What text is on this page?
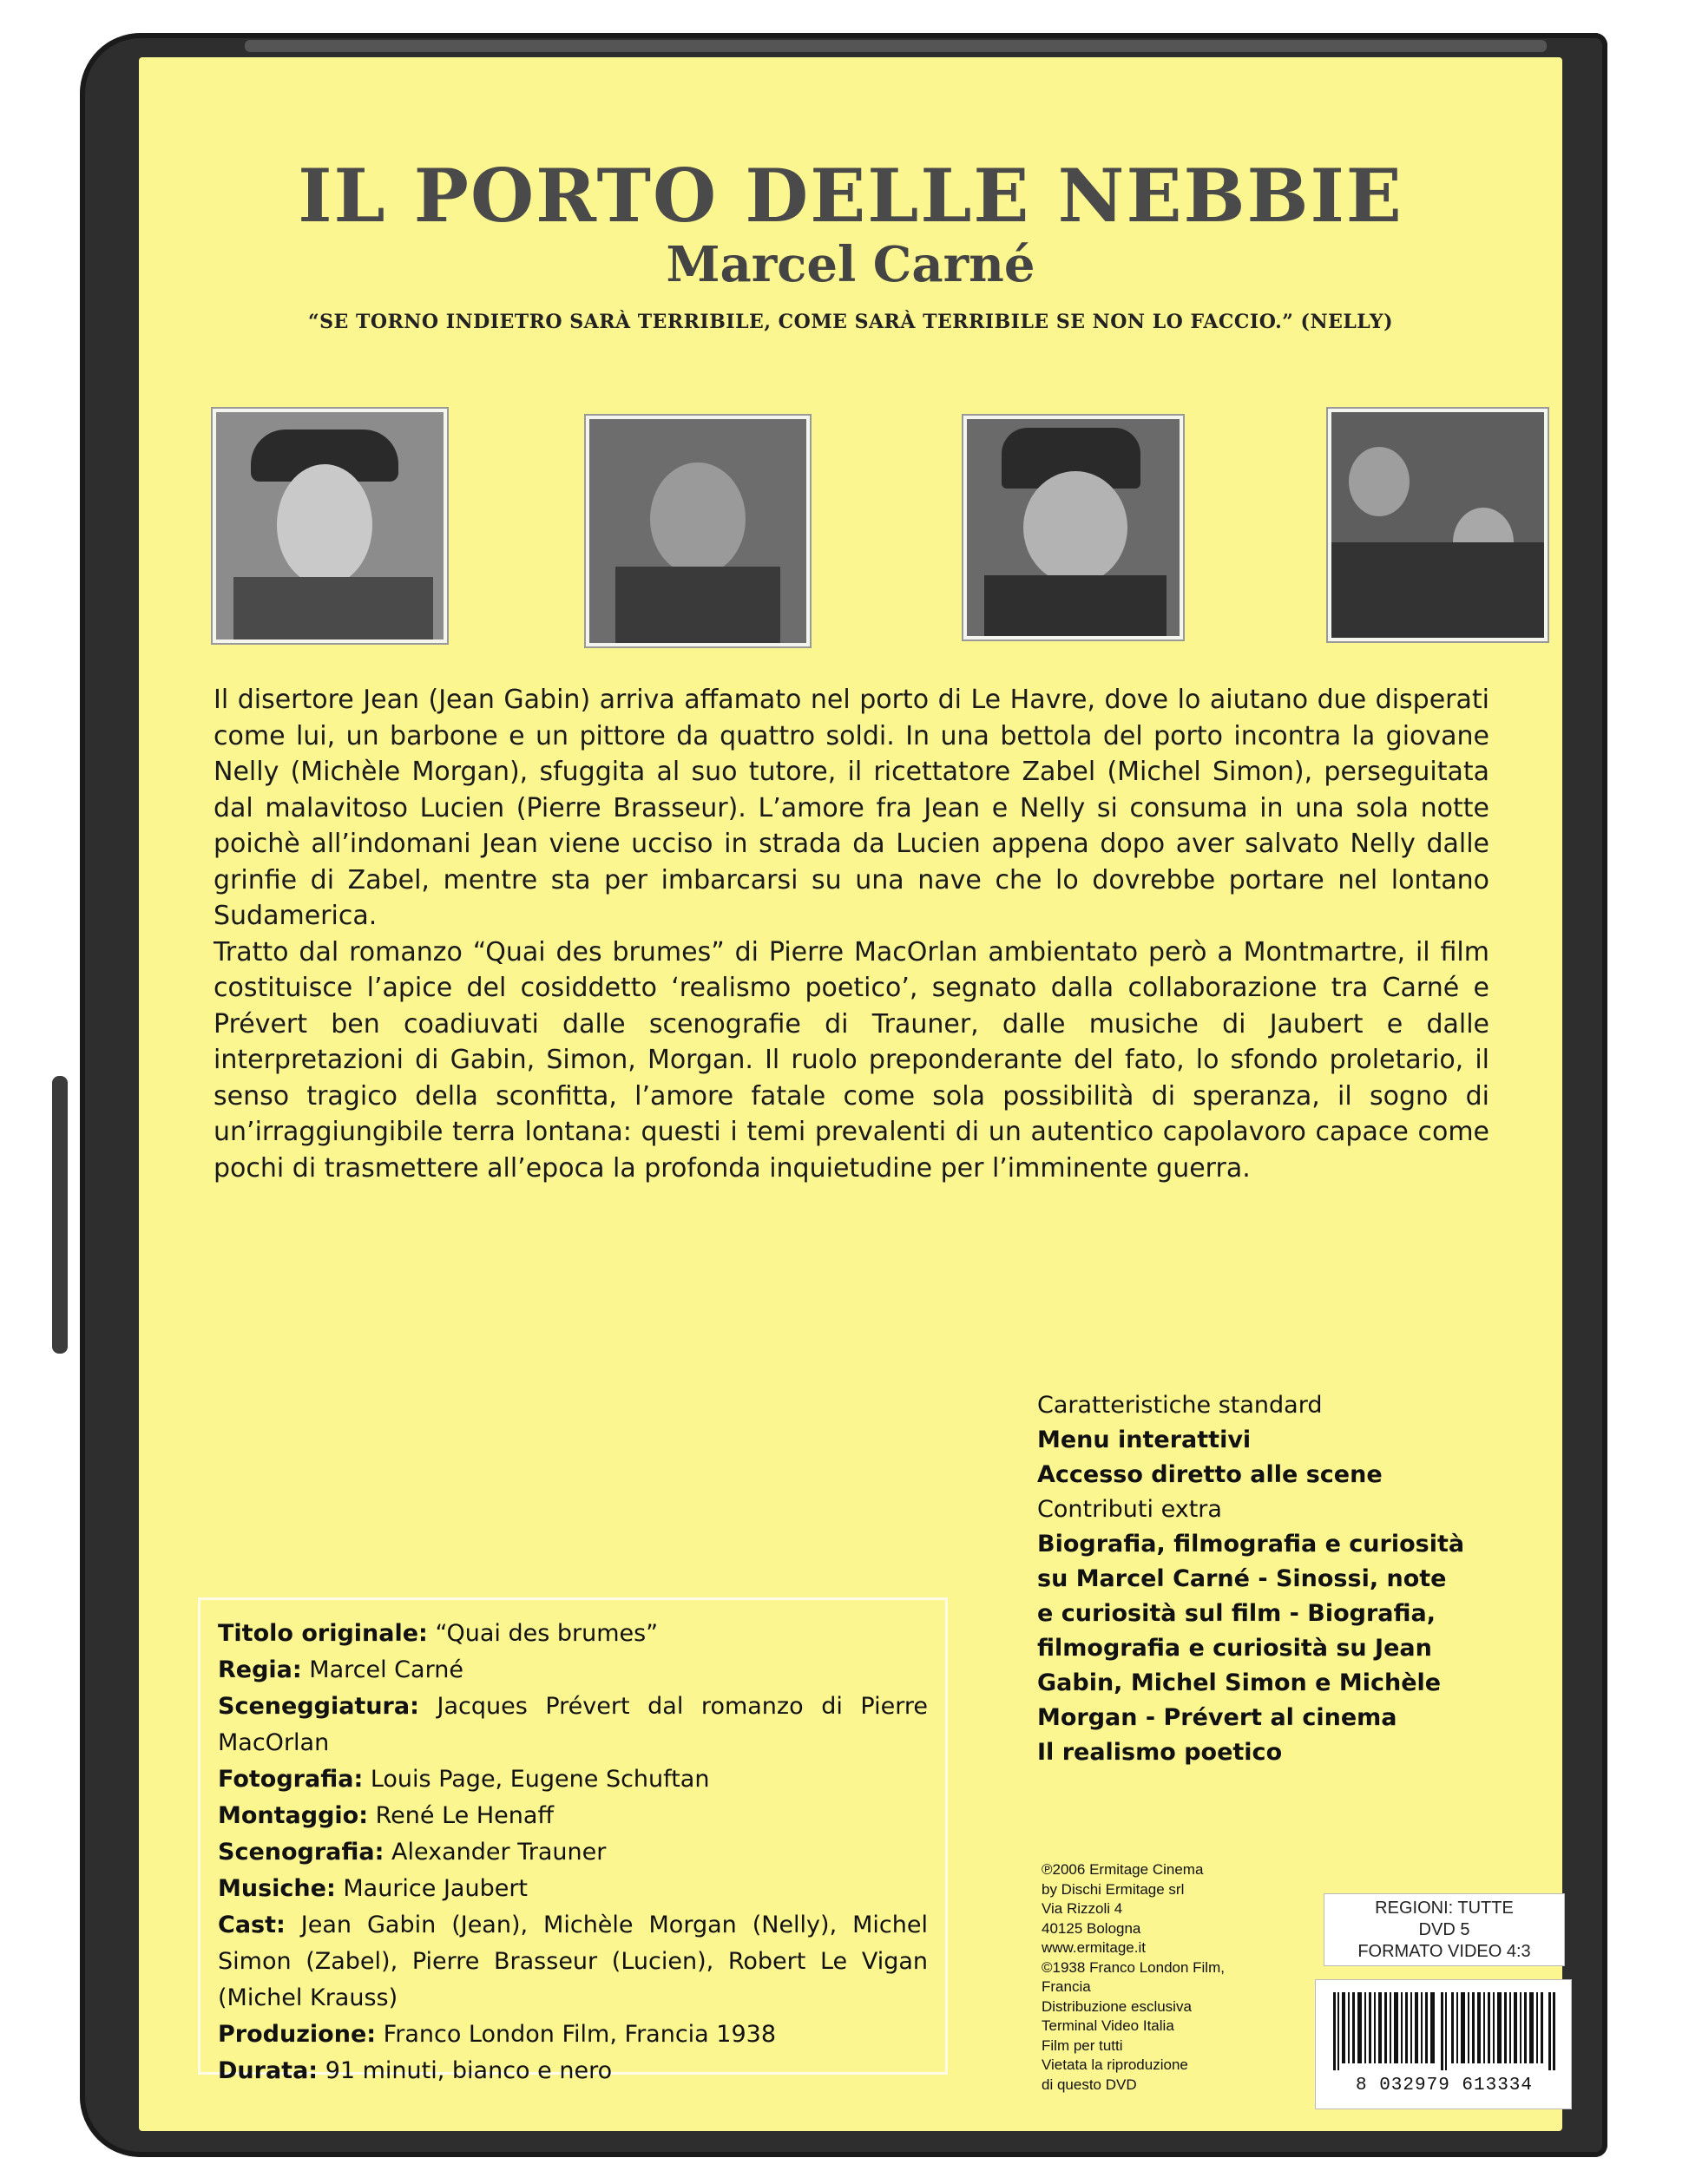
IL PORTO DELLE NEBBIE
Marcel Carné

“SE TORNO INDIETRO SARÀ TERRIBILE, COME SARÀ TERRIBILE SE NON LO FACCIO.” (NELLY)

Il disertore Jean (Jean Gabin) arriva affamato nel porto di Le Havre, dove lo aiutano due disperati come lui, un barbone e un pittore da quattro soldi. In una bettola del porto incontra la giovane Nelly (Michèle Morgan), sfuggita al suo tutore, il ricettatore Zabel (Michel Simon), perseguitata dal malavitoso Lucien (Pierre Brasseur). L’amore fra Jean e Nelly si consuma in una sola notte poichè all’indomani Jean viene ucciso in strada da Lucien appena dopo aver salvato Nelly dalle grinfie di Zabel, mentre sta per imbarcarsi su una nave che lo dovrebbe portare nel lontano Sudamerica.

Tratto dal romanzo “Quai des brumes” di Pierre MacOrlan ambientato però a Montmartre, il film costituisce l’apice del cosiddetto ‘realismo poetico’, segnato dalla collaborazione tra Carné e Prévert ben coadiuvati dalle scenografie di Trauner, dalle musiche di Jaubert e dalle interpretazioni di Gabin, Simon, Morgan. Il ruolo preponderante del fato, lo sfondo proletario, il senso tragico della sconfitta, l’amore fatale come sola possibilità di speranza, il sogno di un’irraggiungibile terra lontana: questi i temi prevalenti di un autentico capolavoro capace come pochi di trasmettere all’epoca la profonda inquietudine per l’imminente guerra.

Caratteristiche standard
Menu interattivi
Accesso diretto alle scene
Contributi extra
Biografia, filmografia e curiosità
su Marcel Carné - Sinossi, note
e curiosità sul film - Biografia,
filmografia e curiosità su Jean
Gabin, Michel Simon e Michèle
Morgan - Prévert al cinema
Il realismo poetico

Titolo originale: “Quai des brumes”

Regia: Marcel Carné

Sceneggiatura: Jacques Prévert dal romanzo di Pierre MacOrlan

Fotografia: Louis Page, Eugene Schuftan

Montaggio: René Le Henaff

Scenografia: Alexander Trauner

Musiche: Maurice Jaubert

Cast: Jean Gabin (Jean), Michèle Morgan (Nelly), Michel Simon (Zabel), Pierre Brasseur (Lucien), Robert Le Vigan (Michel Krauss)

Produzione: Franco London Film, Francia 1938

Durata: 91 minuti, bianco e nero

℗2006 Ermitage Cinema
by Dischi Ermitage srl
Via Rizzoli 4
40125 Bologna
www.ermitage.it
©1938 Franco London Film,
Francia
Distribuzione esclusiva
Terminal Video Italia
Film per tutti
Vietata la riproduzione
di questo DVD
REGIONI: TUTTE
DVD 5
FORMATO VIDEO 4:3
8 032979 613334
